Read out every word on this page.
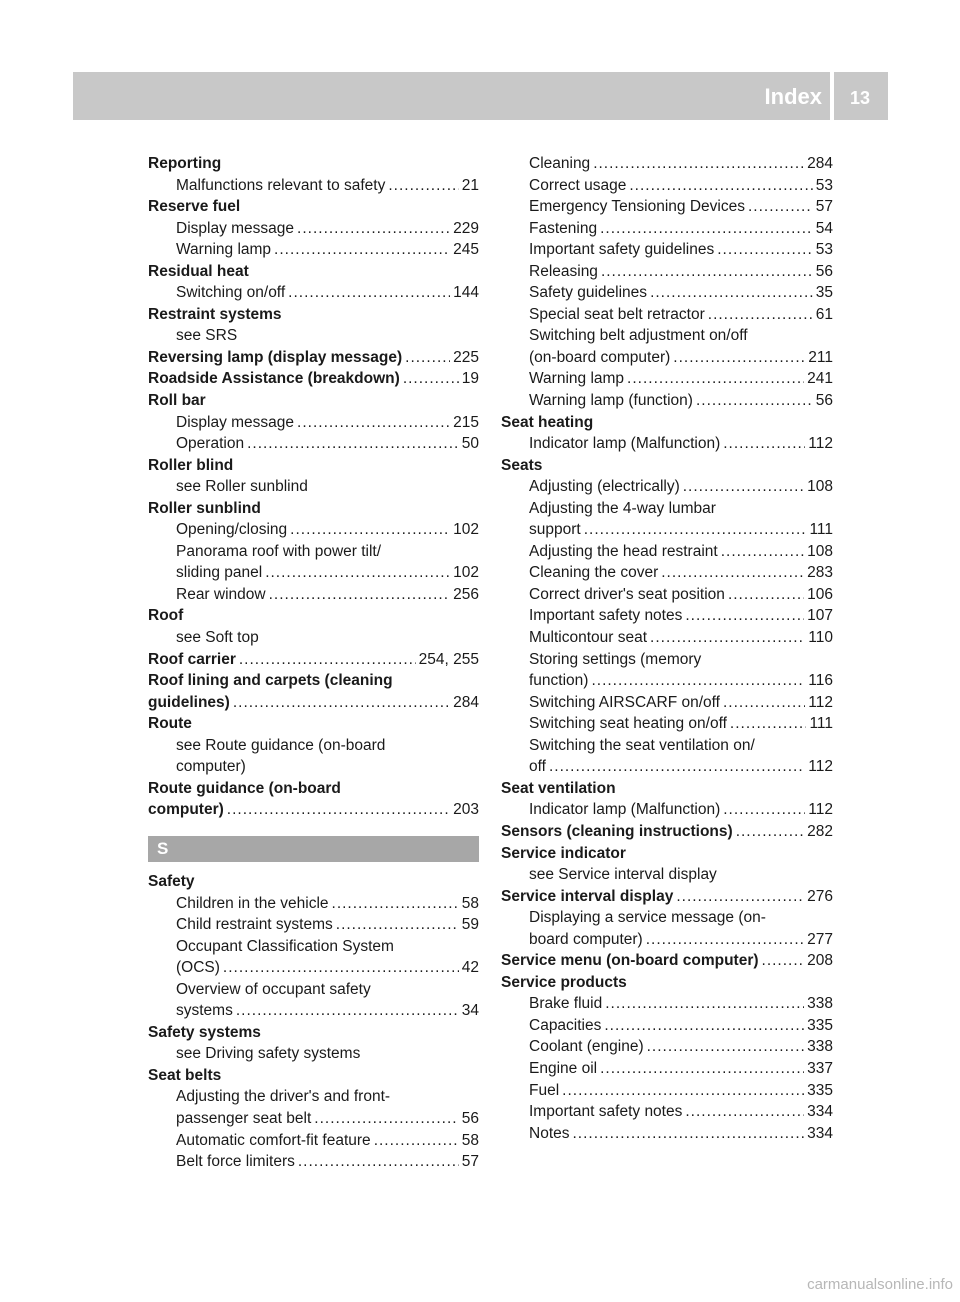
Index	13
Reporting
Malfunctions relevant to safety .....	21
Reserve fuel
Display message .....	229
Warning lamp .....	245
Residual heat
Switching on/off .....	144
Restraint systems
see SRS
Reversing lamp (display message) .....	225
Roadside Assistance (breakdown) .....	19
Roll bar
Display message .....	215
Operation .....	50
Roller blind
see Roller sunblind
Roller sunblind
Opening/closing .....	102
Panorama roof with power tilt/
sliding panel .....	102
Rear window .....	256
Roof
see Soft top
Roof carrier .....	254, 255
Roof lining and carpets (cleaning
guidelines) .....	284
Route
see Route guidance (on-board
computer)
Route guidance (on-board
computer) .....	203
S
Safety
Children in the vehicle .....	58
Child restraint systems .....	59
Occupant Classification System
(OCS) .....	42
Overview of occupant safety
systems .....	34
Safety systems
see Driving safety systems
Seat belts
Adjusting the driver's and front-
passenger seat belt .....	56
Automatic comfort-fit feature .....	58
Belt force limiters .....	57
Cleaning .....	284
Correct usage .....	53
Emergency Tensioning Devices .....	57
Fastening .....	54
Important safety guidelines .....	53
Releasing .....	56
Safety guidelines .....	35
Special seat belt retractor .....	61
Switching belt adjustment on/off
(on-board computer) .....	211
Warning lamp .....	241
Warning lamp (function) .....	56
Seat heating
Indicator lamp (Malfunction) .....	112
Seats
Adjusting (electrically) .....	108
Adjusting the 4-way lumbar
support .....	111
Adjusting the head restraint .....	108
Cleaning the cover .....	283
Correct driver's seat position .....	106
Important safety notes .....	107
Multicontour seat .....	110
Storing settings (memory
function) .....	116
Switching AIRSCARF on/off .....	112
Switching seat heating on/off .....	111
Switching the seat ventilation on/
off .....	112
Seat ventilation
Indicator lamp (Malfunction) .....	112
Sensors (cleaning instructions) .....	282
Service indicator
see Service interval display
Service interval display .....	276
Displaying a service message (on-
board computer) .....	277
Service menu (on-board computer) .....	208
Service products
Brake fluid .....	338
Capacities .....	335
Coolant (engine) .....	338
Engine oil .....	337
Fuel .....	335
Important safety notes .....	334
Notes .....	334
carmanualsonline.info
